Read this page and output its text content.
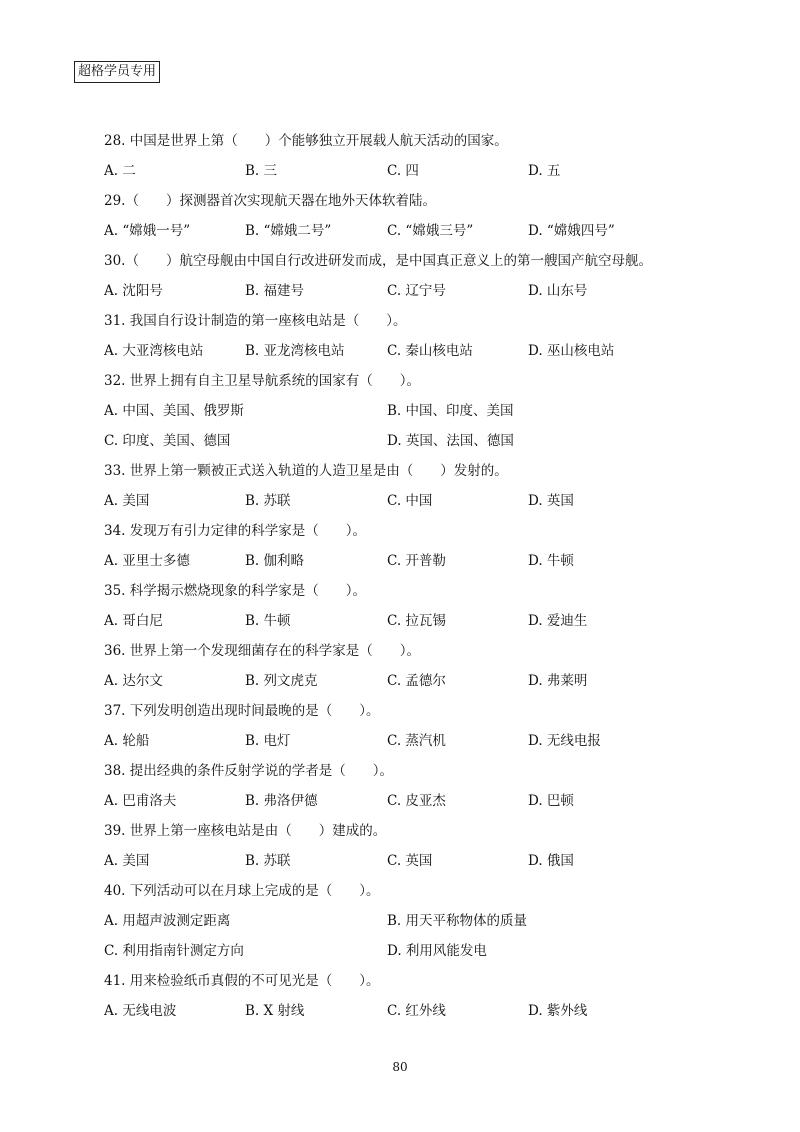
超格学员专用
28. 中国是世界上第（　　）个能够独立开展载人航天活动的国家。
A. 二	B. 三	C. 四	D. 五
29.（　　）探测器首次实现航天器在地外天体软着陆。
A. “嫦娥一号”	B. “嫦娥二号”	C. “嫦娥三号”	D. “嫦娥四号”
30.（　　）航空母舰由中国自行改进研发而成，是中国真正意义上的第一艘国产航空母舰。
A. 沈阳号	B. 福建号	C. 辽宁号	D. 山东号
31. 我国自行设计制造的第一座核电站是（　　）。
A. 大亚湾核电站	B. 亚龙湾核电站	C. 秦山核电站	D. 巫山核电站
32. 世界上拥有自主卫星导航系统的国家有（　　）。
A. 中国、美国、俄罗斯	B. 中国、印度、美国
C. 印度、美国、德国	D. 英国、法国、德国
33. 世界上第一颗被正式送入轨道的人造卫星是由（　　）发射的。
A. 美国	B. 苏联	C. 中国	D. 英国
34. 发现万有引力定律的科学家是（　　）。
A. 亚里士多德	B. 伽利略	C. 开普勒	D. 牛顿
35. 科学揭示燃烧现象的科学家是（　　）。
A. 哥白尼	B. 牛顿	C. 拉瓦锡	D. 爱迪生
36. 世界上第一个发现细菌存在的科学家是（　　）。
A. 达尔文	B. 列文虎克	C. 孟德尔	D. 弗莱明
37. 下列发明创造出现时间最晚的是（　　）。
A. 轮船	B. 电灯	C. 蒸汽机	D. 无线电报
38. 提出经典的条件反射学说的学者是（　　）。
A. 巴甫洛夫	B. 弗洛伊德	C. 皮亚杰	D. 巴顿
39. 世界上第一座核电站是由（　　）建成的。
A. 美国	B. 苏联	C. 英国	D. 俄国
40. 下列活动可以在月球上完成的是（　　）。
A. 用超声波测定距离	B. 用天平称物体的质量
C. 利用指南针测定方向	D. 利用风能发电
41. 用来检验纸币真假的不可见光是（　　）。
A. 无线电波	B. X 射线	C. 红外线	D. 紫外线
80
